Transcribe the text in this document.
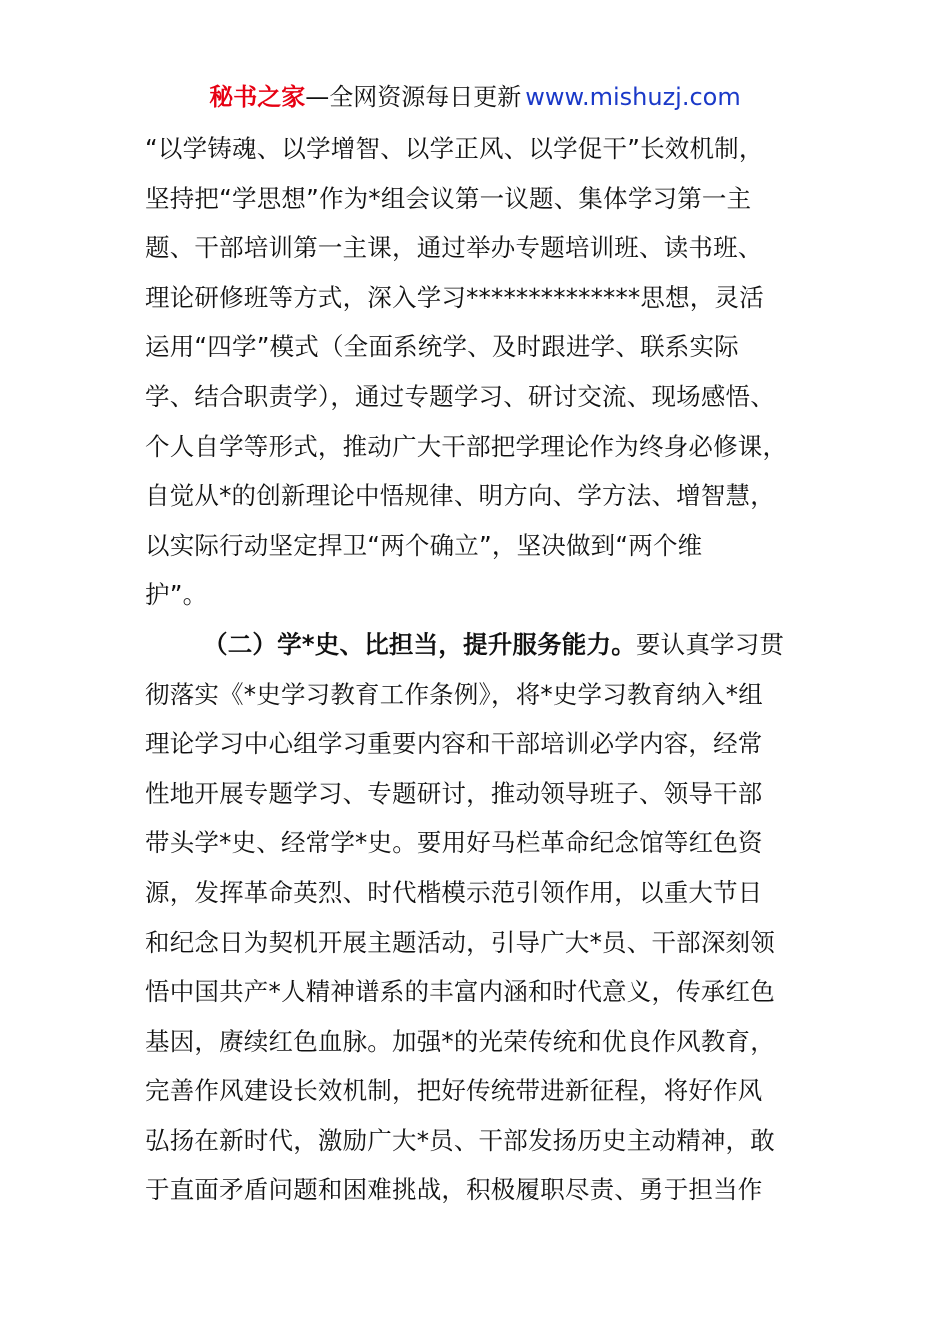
秘书之家—全网资源每日更新 www.mishuzj.com
“以学铸魂、以学增智、以学正风、以学促干”长效机制，
坚持把“学思想”作为*组会议第一议题、集体学习第一主
题、干部培训第一主课，通过举办专题培训班、读书班、
理论研修班等方式，深入学习**************思想，灵活
运用“四学”模式（全面系统学、及时跟进学、联系实际
学、结合职责学），通过专题学习、研讨交流、现场感悟、
个人自学等形式，推动广大干部把学理论作为终身必修课，
自觉从*的创新理论中悟规律、明方向、学方法、增智慧，
以实际行动坚定捍卫“两个确立”，坚决做到“两个维
护”。
（二）学*史、比担当，提升服务能力。要认真学习贯
彻落实《*史学习教育工作条例》，将*史学习教育纳入*组
理论学习中心组学习重要内容和干部培训必学内容，经常
性地开展专题学习、专题研讨，推动领导班子、领导干部
带头学*史、经常学*史。要用好马栏革命纪念馆等红色资
源，发挥革命英烈、时代楷模示范引领作用，以重大节日
和纪念日为契机开展主题活动，引导广大*员、干部深刻领
悟中国共产*人精神谱系的丰富内涵和时代意义，传承红色
基因，赓续红色血脉。加强*的光荣传统和优良作风教育，
完善作风建设长效机制，把好传统带进新征程，将好作风
弘扬在新时代，激励广大*员、干部发扬历史主动精神，敢
于直面矛盾问题和困难挑战，积极履职尽责、勇于担当作
